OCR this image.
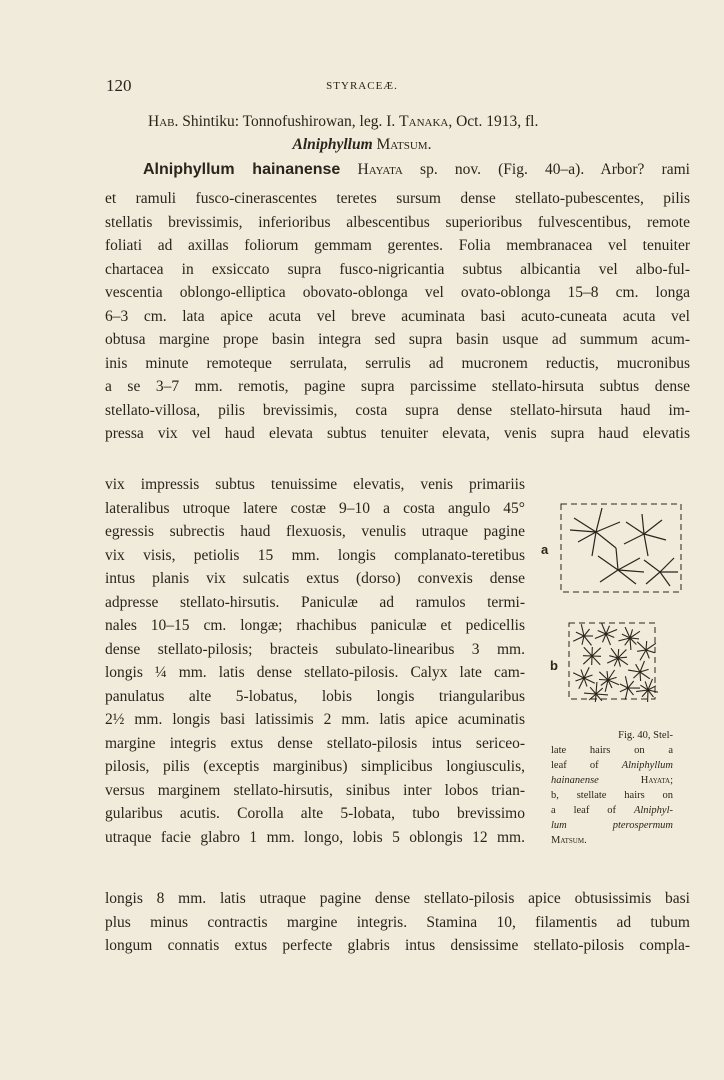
120	STYRACEÆ.
Hab. Shintiku: Tonnofushirowan, leg. I. Tanaka, Oct. 1913, fl.
Alniphyllum Matsum.
Alniphyllum hainanense Hayata sp. nov. (Fig. 40–a). Arbor? rami
et ramuli fusco-cinerascentes teretes sursum dense stellato-pubescentes, pilis
stellatis brevissimis, inferioribus albescentibus superioribus fulvescentibus, remote
foliati ad axillas foliorum gemmam gerentes. Folia membranacea vel tenuiter
chartacea in exsiccato supra fusco-nigricantia subtus albicantia vel albo-ful-
vescentia oblongo-elliptica obovato-oblonga vel ovato-oblonga 15–8 cm. longa
6–3 cm. lata apice acuta vel breve acuminata basi acuto-cuneata acuta vel
obtusa margine prope basin integra sed supra basin usque ad summum acum-
inis minute remoteque serrulata, serrulis ad mucronem reductis, mucronibus
a se 3–7 mm. remotis, pagine supra parcissime stellato-hirsuta subtus dense
stellato-villosa, pilis brevissimis, costa supra dense stellato-hirsuta haud im-
pressa vix vel haud elevata subtus tenuiter elevata, venis supra haud elevatis
vix impressis subtus tenuissime elevatis, venis primariis
lateralibus utroque latere costæ 9–10 a costa angulo 45°
egressis subrectis haud flexuosis, venulis utraque pagine
vix visis, petiolis 15 mm. longis complanato-teretibus
intus planis vix sulcatis extus (dorso) convexis dense
adpresse stellato-hirsutis. Paniculæ ad ramulos termi-
nales 10–15 cm. longæ; rhachibus paniculæ et pedicellis
dense stellato-pilosis; bracteis subulato-linearibus 3 mm.
longis ¼ mm. latis dense stellato-pilosis. Calyx late cam-
panulatus alte 5-lobatus, lobis longis triangularibus
2½ mm. longis basi latissimis 2 mm. latis apice acuminatis
margine integris extus dense stellato-pilosis intus sericeo-
pilosis, pilis (exceptis marginibus) simplicibus longiusculis,
versus marginem stellato-hirsutis, sinibus inter lobos trian-
gularibus acutis. Corolla alte 5-lobata, tubo brevissimo
utraque facie glabro 1 mm. longo, lobis 5 oblongis 12 mm.
longis 8 mm. latis utraque pagine dense stellato-pilosis apice obtusissimis basi
plus minus contractis margine integris. Stamina 10, filamentis ad tubum
longum connatis extus perfecte glabris intus densissime stellato-pilosis compla-
a
b
Fig. 40, Stel-
late hairs on a
leaf of Alniphyllum
hainanense	Hayata;
b, stellate hairs on
a leaf of Alniphyl-
lum	pterospermum
Matsum.
